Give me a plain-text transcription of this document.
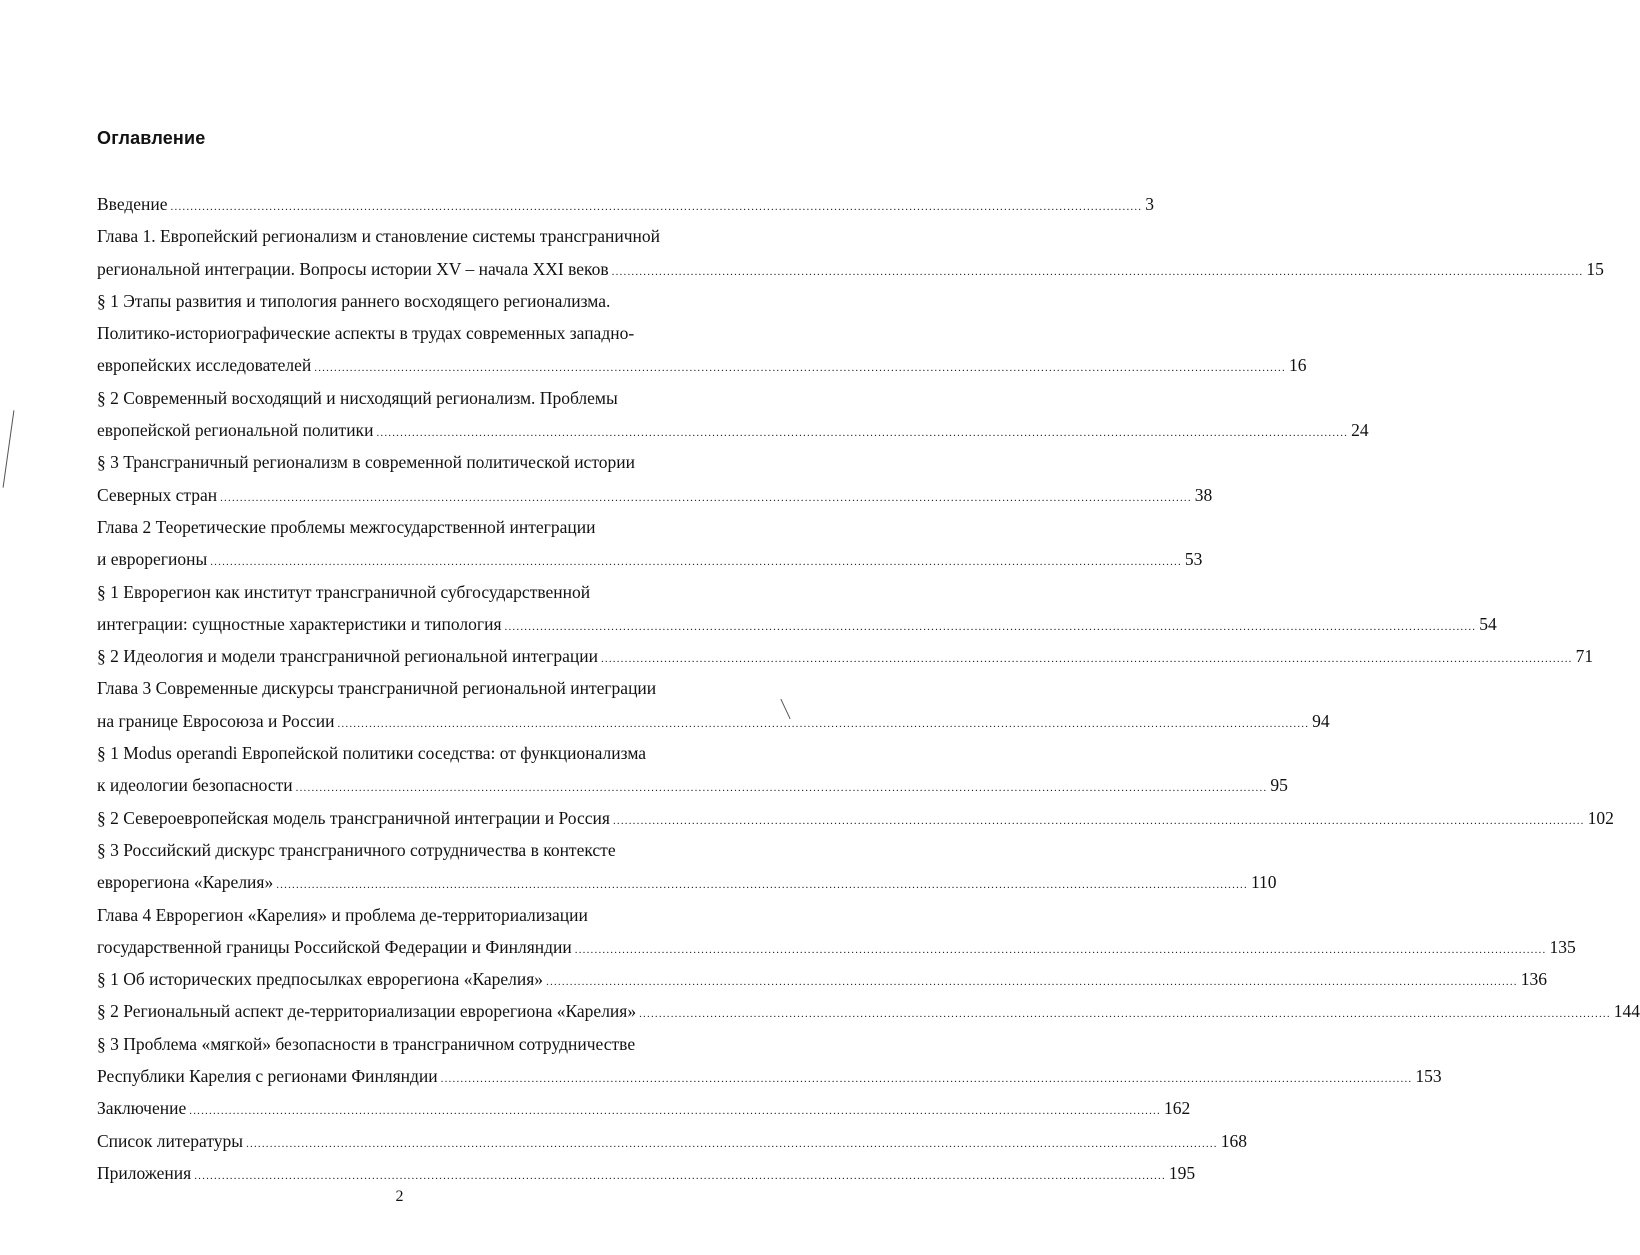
Оглавление
Введение .....	3
Глава 1. Европейский регионализм и становление системы трансграничной
региональной интеграции. Вопросы истории XV – начала XXI веков .....	15
§ 1 Этапы развития и типология раннего восходящего регионализма.
Политико-историографические аспекты в трудах современных западно-
европейских исследователей .....	16
§ 2 Современный восходящий и нисходящий регионализм. Проблемы
европейской региональной политики .....	24
§ 3 Трансграничный регионализм в современной политической истории
Северных стран .....	38
Глава 2 Теоретические проблемы межгосударственной интеграции
и еврорегионы .....	53
§ 1 Еврорегион как институт трансграничной субгосударственной
интеграции: сущностные характеристики и типология .....	54
§ 2 Идеология и модели трансграничной региональной интеграции .....	71
Глава 3 Современные дискурсы трансграничной региональной интеграции
на границе Евросоюза и России .....	94
§ 1 Modus operandi Европейской политики соседства: от функционализма
к идеологии безопасности .....	95
§ 2 Североевропейская модель трансграничной интеграции и Россия .....	102
§ 3 Российский дискурс трансграничного сотрудничества в контексте
еврорегиона «Карелия» .....	110
Глава 4 Еврорегион «Карелия» и проблема де-территориализации
государственной границы Российской Федерации и Финляндии .....	135
§ 1 Об исторических предпосылках еврорегиона «Карелия» .....	136
§ 2 Региональный аспект де-территориализации еврорегиона «Карелия» .....	144
§ 3 Проблема «мягкой» безопасности в трансграничном сотрудничестве
Республики Карелия с регионами Финляндии .....	153
Заключение .....	162
Список литературы .....	168
Приложения .....	195
2
